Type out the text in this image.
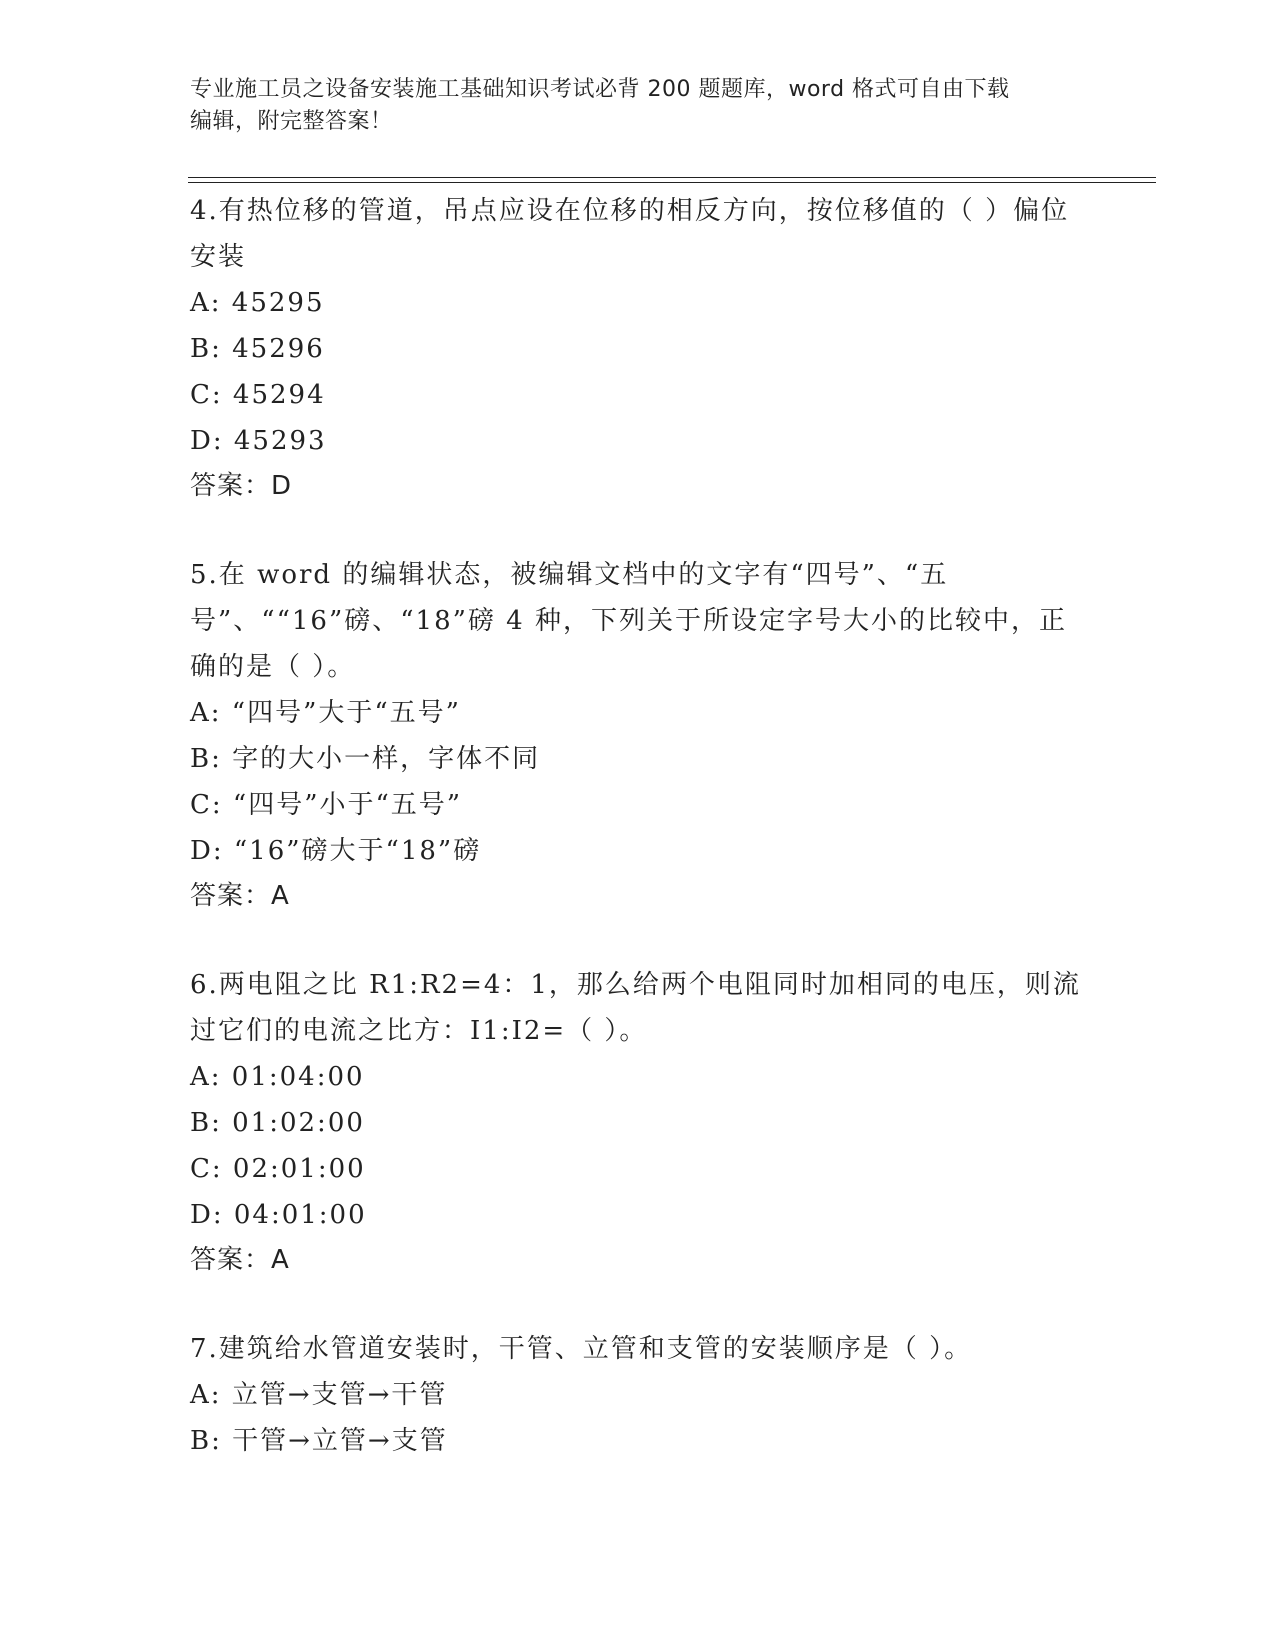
专业施工员之设备安装施工基础知识考试必背 200 题题库，word 格式可自由下载
编辑，附完整答案！

4.有热位移的管道，吊点应设在位移的相反方向，按位移值的（ ）偏位安装

A: 45295

B: 45296

C: 45294

D: 45293

答案：D

5.在 word 的编辑状态，被编辑文档中的文字有“四号”、“五号”、““16”磅、“18”磅 4 种，下列关于所设定字号大小的比较中，正确的是（ ）。

A: “四号”大于“五号”

B: 字的大小一样，字体不同

C: “四号”小于“五号”

D: “16”磅大于“18”磅

答案：A

6.两电阻之比 R1:R2=4：1，那么给两个电阻同时加相同的电压，则流过它们的电流之比方：I1:I2=（ ）。

A: 01:04:00

B: 01:02:00

C: 02:01:00

D: 04:01:00

答案：A

7.建筑给水管道安装时，干管、立管和支管的安装顺序是（ ）。

A: 立管→支管→干管

B: 干管→立管→支管
